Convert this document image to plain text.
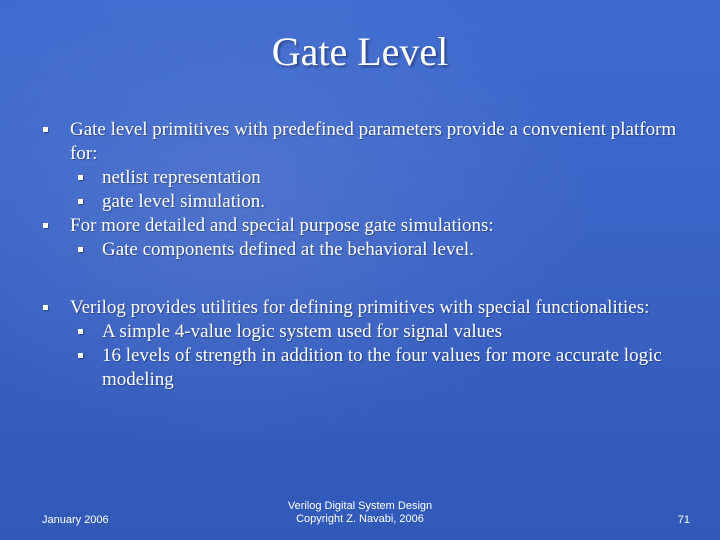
Gate Level
Gate level primitives with predefined parameters provide a convenient platform for:
netlist representation
gate level simulation.
For more detailed and special purpose gate simulations:
Gate components defined at the behavioral level.
Verilog provides utilities for defining primitives with special functionalities:
A simple 4-value logic system used for signal values
16 levels of strength in addition to the four values for more accurate logic modeling
January 2006
Verilog Digital System Design
Copyright Z. Navabi, 2006	71
